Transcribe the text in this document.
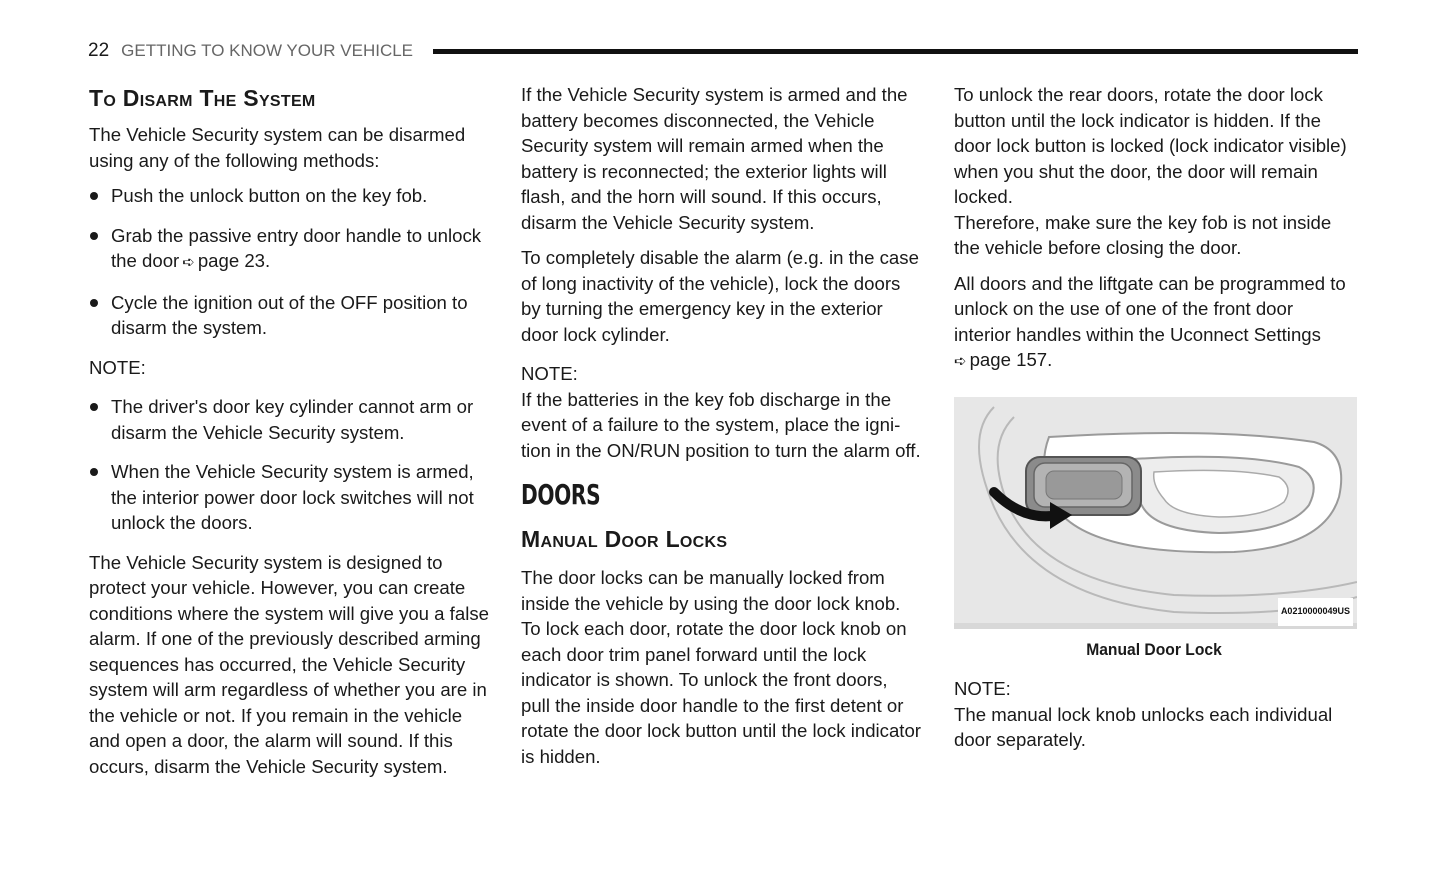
22 GETTING TO KNOW YOUR VEHICLE
To Disarm The System

The Vehicle Security system can be disarmed using any of the following methods:

Push the unlock button on the key fob.
Grab the passive entry door handle to unlock the door ➪ page 23.
Cycle the ignition out of the OFF position to disarm the system.

NOTE:

The driver's door key cylinder cannot arm or disarm the Vehicle Security system.
When the Vehicle Security system is armed, the interior power door lock switches will not unlock the doors.

The Vehicle Security system is designed to protect your vehicle. However, you can create conditions where the system will give you a false alarm. If one of the previously described arming sequences has occurred, the Vehicle Security system will arm regardless of whether you are in the vehicle or not. If you remain in the vehicle and open a door, the alarm will sound. If this occurs, disarm the Vehicle Security system.

If the Vehicle Security system is armed and the battery becomes disconnected, the Vehicle Security system will remain armed when the battery is reconnected; the exterior lights will flash, and the horn will sound. If this occurs, disarm the Vehicle Security system.

To completely disable the alarm (e.g. in the case of long inactivity of the vehicle), lock the doors by turning the emergency key in the exterior door lock cylinder.

NOTE:

If the batteries in the key fob discharge in the event of a failure to the system, place the igni- tion in the ON/RUN position to turn the alarm off.

DOORS
Manual Door Locks

The door locks can be manually locked from inside the vehicle by using the door lock knob. To lock each door, rotate the door lock knob on each door trim panel forward until the lock indicator is shown. To unlock the front doors, pull the inside door handle to the first detent or rotate the door lock button until the lock indicator is hidden.

To unlock the rear doors, rotate the door lock button until the lock indicator is hidden. If the door lock button is locked (lock indicator visible) when you shut the door, the door will remain locked.

Therefore, make sure the key fob is not inside the vehicle before closing the door.

All doors and the liftgate can be programmed to unlock on the use of one of the front door interior handles within the Uconnect Settings
➪ page 157.

A0210000049US

Manual Door Lock

NOTE:

The manual lock knob unlocks each individual door separately.
